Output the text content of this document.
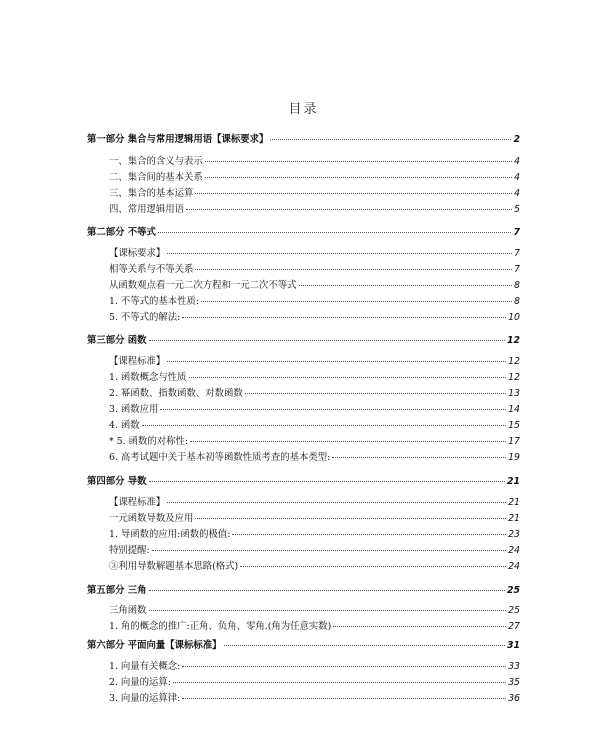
目录
第一部分 集合与常用逻辑用语【课标要求】	2
一、集合的含义与表示	4
二、集合间的基本关系	4
三、集合的基本运算	4
四、常用逻辑用语	5
第二部分 不等式	7
【课标要求】	7
相等关系与不等关系	7
从函数观点看一元二次方程和一元二次不等式	8
1. 不等式的基本性质:	8
5. 不等式的解法:	10
第三部分 函数	12
【课程标准】	12
1. 函数概念与性质	12
2. 幂函数、指数函数、对数函数	13
3. 函数应用	14
4. 函数	15
* 5. 函数的对称性:	17
6. 高考试题中关于基本初等函数性质考查的基本类型:	19
第四部分 导数	21
【课程标准】	21
一元函数导数及应用	21
1. 导函数的应用:函数的极值:	23
特别提醒:	24
③利用导数解题基本思路(格式)	24
第五部分 三角	25
三角函数	25
1. 角的概念的推广:正角、负角、零角.(角为任意实数)	27
第六部分 平面向量【课标标准】	31
1. 向量有关概念:	33
2. 向量的运算:	35
3. 向量的运算律:	36
